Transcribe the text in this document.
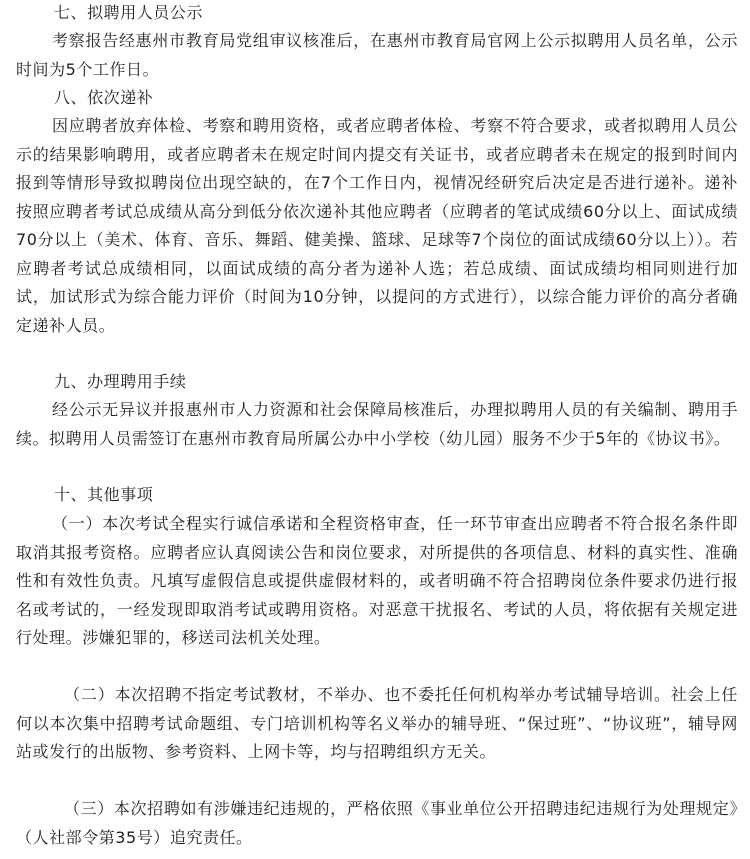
七、拟聘用人员公示
考察报告经惠州市教育局党组审议核准后，在惠州市教育局官网上公示拟聘用人员名单，公示时间为5个工作日。
八、依次递补
因应聘者放弃体检、考察和聘用资格，或者应聘者体检、考察不符合要求，或者拟聘用人员公示的结果影响聘用，或者应聘者未在规定时间内提交有关证书，或者应聘者未在规定的报到时间内报到等情形导致拟聘岗位出现空缺的，在7个工作日内，视情况经研究后决定是否进行递补。递补按照应聘者考试总成绩从高分到低分依次递补其他应聘者（应聘者的笔试成绩60分以上、面试成绩70分以上（美术、体育、音乐、舞蹈、健美操、篮球、足球等7个岗位的面试成绩60分以上））。若应聘者考试总成绩相同，以面试成绩的高分者为递补人选；若总成绩、面试成绩均相同则进行加试，加试形式为综合能力评价（时间为10分钟，以提问的方式进行），以综合能力评价的高分者确定递补人员。
九、办理聘用手续
经公示无异议并报惠州市人力资源和社会保障局核准后，办理拟聘用人员的有关编制、聘用手续。拟聘用人员需签订在惠州市教育局所属公办中小学校（幼儿园）服务不少于5年的《协议书》。
十、其他事项
（一）本次考试全程实行诚信承诺和全程资格审查，任一环节审查出应聘者不符合报名条件即取消其报考资格。应聘者应认真阅读公告和岗位要求，对所提供的各项信息、材料的真实性、准确性和有效性负责。凡填写虚假信息或提供虚假材料的，或者明确不符合招聘岗位条件要求仍进行报名或考试的，一经发现即取消考试或聘用资格。对恶意干扰报名、考试的人员，将依据有关规定进行处理。涉嫌犯罪的，移送司法机关处理。
（二）本次招聘不指定考试教材，不举办、也不委托任何机构举办考试辅导培训。社会上任何以本次集中招聘考试命题组、专门培训机构等名义举办的辅导班、“保过班”、“协议班”，辅导网站或发行的出版物、参考资料、上网卡等，均与招聘组织方无关。
（三）本次招聘如有涉嫌违纪违规的，严格依照《事业单位公开招聘违纪违规行为处理规定》（人社部令第35号）追究责任。
